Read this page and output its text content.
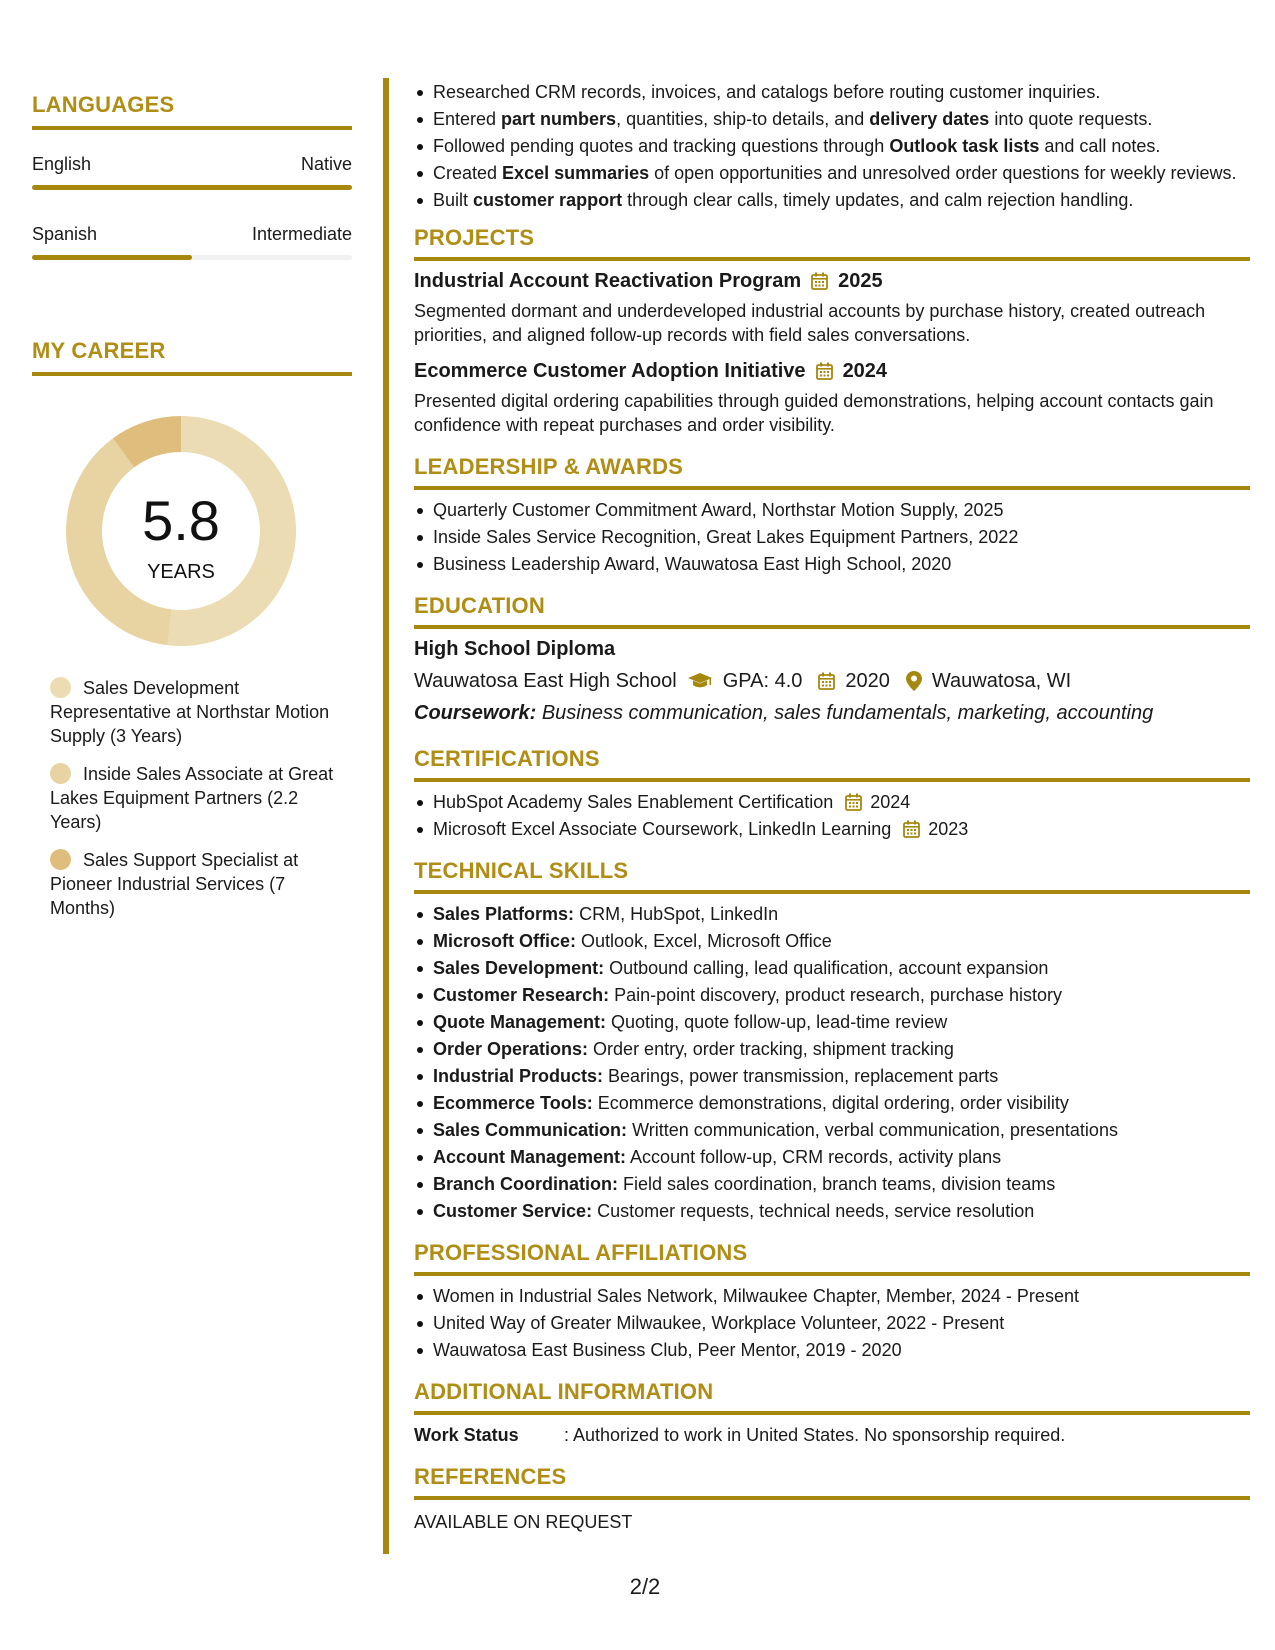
LANGUAGES
English	Native
Spanish	Intermediate
MY CAREER
5.8
YEARS
Sales Development Representative at Northstar Motion Supply (3 Years)
Inside Sales Associate at Great Lakes Equipment Partners (2.2 Years)
Sales Support Specialist at Pioneer Industrial Services (7 Months)
Researched CRM records, invoices, and catalogs before routing customer inquiries.
Entered part numbers, quantities, ship-to details, and delivery dates into quote requests.
Followed pending quotes and tracking questions through Outlook task lists and call notes.
Created Excel summaries of open opportunities and unresolved order questions for weekly reviews.
Built customer rapport through clear calls, timely updates, and calm rejection handling.
PROJECTS
Industrial Account Reactivation Program 2025
Segmented dormant and underdeveloped industrial accounts by purchase history, created outreach priorities, and aligned follow-up records with field sales conversations.
Ecommerce Customer Adoption Initiative 2024
Presented digital ordering capabilities through guided demonstrations, helping account contacts gain confidence with repeat purchases and order visibility.
LEADERSHIP & AWARDS
Quarterly Customer Commitment Award, Northstar Motion Supply, 2025
Inside Sales Service Recognition, Great Lakes Equipment Partners, 2022
Business Leadership Award, Wauwatosa East High School, 2020
EDUCATION
High School Diploma
Wauwatosa East High School GPA: 4.0 2020 Wauwatosa, WI
Coursework: Business communication, sales fundamentals, marketing, accounting
CERTIFICATIONS
HubSpot Academy Sales Enablement Certification 2024
Microsoft Excel Associate Coursework, LinkedIn Learning 2023
TECHNICAL SKILLS
Sales Platforms: CRM, HubSpot, LinkedIn
Microsoft Office: Outlook, Excel, Microsoft Office
Sales Development: Outbound calling, lead qualification, account expansion
Customer Research: Pain-point discovery, product research, purchase history
Quote Management: Quoting, quote follow-up, lead-time review
Order Operations: Order entry, order tracking, shipment tracking
Industrial Products: Bearings, power transmission, replacement parts
Ecommerce Tools: Ecommerce demonstrations, digital ordering, order visibility
Sales Communication: Written communication, verbal communication, presentations
Account Management: Account follow-up, CRM records, activity plans
Branch Coordination: Field sales coordination, branch teams, division teams
Customer Service: Customer requests, technical needs, service resolution
PROFESSIONAL AFFILIATIONS
Women in Industrial Sales Network, Milwaukee Chapter, Member, 2024 - Present
United Way of Greater Milwaukee, Workplace Volunteer, 2022 - Present
Wauwatosa East Business Club, Peer Mentor, 2019 - 2020
ADDITIONAL INFORMATION
Work Status	: Authorized to work in United States. No sponsorship required.
REFERENCES
AVAILABLE ON REQUEST
2/2
